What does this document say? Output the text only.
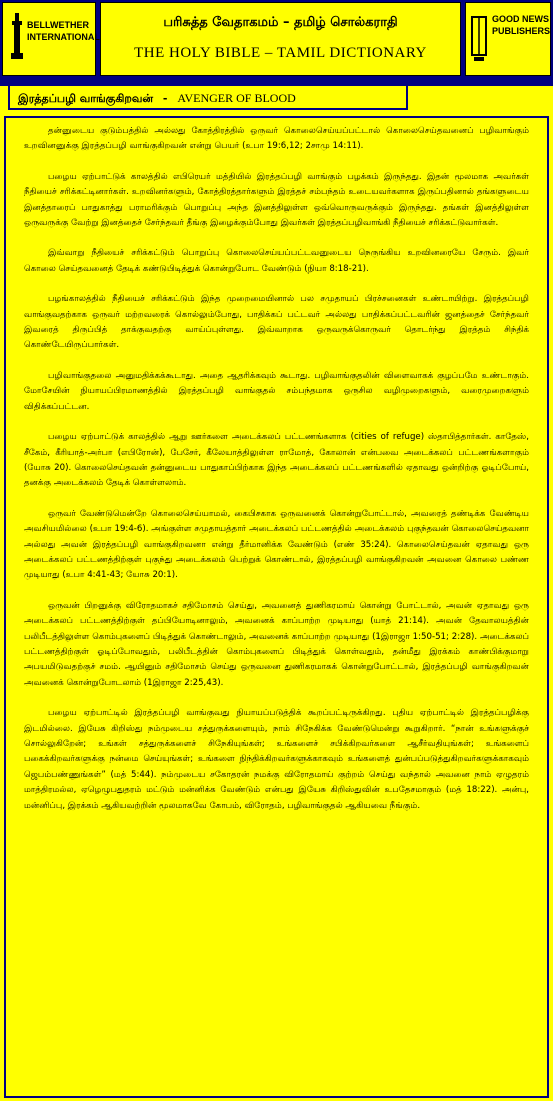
BELLWETHER INTERNATIONAL
பரிசுத்த வேதாகமம் – தமிழ் சொல்கராதி
THE HOLY BIBLE – TAMIL DICTIONARY
GOOD NEWS PUBLISHERS
இரத்தப்பழி வாங்குகிறவன் - AVENGER OF BLOOD

தன்னுடைய குடும்பத்தில் அல்லது கோத்திரத்தில் ஒருவர் கொலைசெய்யப்பட்டால் கொலைசெய்தவனைப் பழிவாங்கும் உறவினனுக்கு இரத்தப்பழி வாங்குகிறவன் என்று பெயர் (உபா 19:6,12; 2சாமு 14:11).

பழைய ஏற்பாட்டுக் காலத்தில் எபிரெயர் மத்தியில் இரத்தப்பழி வாங்கும் பழக்கம் இருந்தது. இதன் மூலமாக அவர்கள் நீதியைச் சரிக்கட்டினார்கள். உறவினர்களும், கோத்திரத்தார்களும் இரத்தச் சம்பந்தம் உடையவர்களாக இருப்பதினால் தங்களுடைய இனத்தாரைப் பாதுகாத்து பராமரிக்கும் பொறுப்பு அந்த இனத்திலுள்ள ஒவ்வொருவருக்கும் இருந்தது. தங்கள் இனத்திலுள்ள ஒருவருக்கு வேற்று இனத்தைச் சேர்ந்தவர் தீங்கு இழைக்கும்போது இவர்கள் இரத்தப்பழிவாங்கி நீதியைச் சரிக்கட்டுவார்கள்.

இவ்வாறு நீதியைச் சரிக்கட்டும் பொறுப்பு கொலைசெய்யப்பட்டவனுடைய நெருங்கிய உறவினரையே சேரும். இவர் கொலை செய்தவனைத் தேடிக் கண்டுபிடித்துக் கொன்றுபோட வேண்டும் (நியா 8:18-21).

பழங்காலத்தில் நீதியைச் சரிக்கட்டும் இந்த முறைமையினால் பல சமுதாயப் பிரச்சனைகள் உண்டாயிற்று. இரத்தப்பழி வாங்குவதற்காக ஒருவர் மற்றவரைக் கொல்லும்போது, பாதிக்கப் பட்டவர் அல்லது பாதிக்கப்பட்டவரின் ஜனத்தைச் சேர்ந்தவர் இவரைத் திருப்பித் தாக்குவதற்கு வாய்ப்புள்ளது. இவ்வாறாக ஒருவருக்கொருவர் தொடர்ந்து இரத்தம் சிந்திக் கொண்டேயிருப்பார்கள்.

பழிவாங்குதலை அனுமதிக்கக்கூடாது. அதை ஆதரிக்கவும் கூடாது. பழிவாங்குதலின் விளைவாகக் குழப்பமே உண்டாகும். மோசேயின் நியாயப்பிரமாணத்தில் இரத்தப்பழி வாங்குதல் சம்பந்தமாக ஒருசில வழிமுறைகளும், வரைமுறைகளும் விதிக்கப்பட்டன.

பழைய ஏற்பாட்டுக் காலத்தில் ஆறு ஊர்களை அடைக்கலப் பட்டணங்களாக (cities of refuge) ஸ்தாபித்தார்கள். காதேஸ், சீகேம், கீரியாத்-அர்பா (எபிரோன்), பேசேர், கீலேயாத்திலுள்ள ராமோத், கோலான் என்பவை அடைக்கலப் பட்டணங்களாகும் (யோசு 20). கொலைசெய்தவன் தன்னுடைய பாதுகாப்பிற்காக இந்த அடைக்கலப் பட்டணங்களில் ஏதாவது ஒன்றிற்கு ஓடிப்போய், தனக்கு அடைக்கலம் தேடிக் கொள்ளலாம்.

ஒருவர் வேண்டுமென்றே கொலைசெய்யாமல், கைபிசகாக ஒருவனைக் கொன்றுபோட்டால், அவரைத் தண்டிக்க வேண்டிய அவசியமில்லை (உபா 19:4-6). அங்குள்ள சமுதாயத்தார் அடைக்கலப் பட்டணத்தில் அடைக்கலம் புகுந்தவன் கொலைசெய்தவனா அல்லது அவன் இரத்தப்பழி வாங்குகிறவனா என்று தீர்மானிக்க வேண்டும் (எண் 35:24). கொலைசெய்தவன் ஏதாவது ஒரு அடைக்கலப் பட்டணத்திற்குள் புகுந்து அடைக்கலம் பெற்றுக் கொண்டால், இரத்தப்பழி வாங்குகிறவன் அவனை கொலை பண்ண முடியாது (உபா 4:41-43; யோசு 20:1).

ஒருவன் பிறனுக்கு விரோதமாகச் சதிமோசம் செய்து, அவனைத் துணிகரமாய் கொன்று போட்டால், அவன் ஏதாவது ஒரு அடைக்கலப் பட்டணத்திற்குள் தப்பியோடினாலும், அவனைக் காப்பாற்ற முடியாது (யாத் 21:14). அவன் தேவாலயத்தின் பலிபீடத்திலுள்ள கொம்புகளைப் பிடித்துக் கொண்டாலும், அவனைக் காப்பாற்ற முடியாது (1இராஜா 1:50-51; 2:28). அடைக்கலப் பட்டணத்திற்குள் ஓடிப்போவதும், பலிபீடத்தின் கொம்புகளைப் பிடித்துக் கொள்வதும், தன்மீது இரக்கம் காண்பிக்குமாறு அபயமிடுவதற்குச் சமம். ஆயினும் சதிமோசம் செய்து ஒருவனை துணிகரமாகக் கொன்றுபோட்டால், இரத்தப்பழி வாங்குகிறவன் அவனைக் கொன்றுபோடலாம் (1இராஜா 2:25,43).

பழைய ஏற்பாட்டில் இரத்தப்பழி வாங்குவது நியாயப்படுத்திக் கூறப்பட்டிருக்கிறது. புதிய ஏற்பாட்டில் இரத்தப்பழிக்கு இடமில்லை. இயேசு கிறிஸ்து நம்முடைய சத்துருக்களையும், நாம் சிநேகிக்க வேண்டுமென்று கூறுகிறார். “நான் உங்களுக்குச் சொல்லுகிறேன்; உங்கள் சத்துருக்களைச் சிநேகியுங்கள்; உங்களைச் சபிக்கிறவர்களை ஆசீர்வதியுங்கள்; உங்களைப் பகைக்கிறவர்களுக்கு நன்மை செய்யுங்கள்; உங்களை நிந்திக்கிறவர்களுக்காகவும் உங்களைத் துன்பப்படுத்துகிறவர்களுக்காகவும் ஜெபம்பண்ணுங்கள்” (மத் 5:44). நம்முடைய சகோதரன் நமக்கு விரோதமாய் குற்றம் செய்து வந்தால் அவனை நாம் ஏழுதரம் மாத்திரமல்ல, ஏழெழுபதுதரம் மட்டும் மன்னிக்க வேண்டும் என்பது இயேசு கிறிஸ்துவின் உபதேசமாகும் (மத் 18:22). அன்பு, மன்னிப்பு, இரக்கம் ஆகியவற்றின் மூலமாகவே கோபம், விரோதம், பழிவாங்குதல் ஆகியவை நீங்கும்.
